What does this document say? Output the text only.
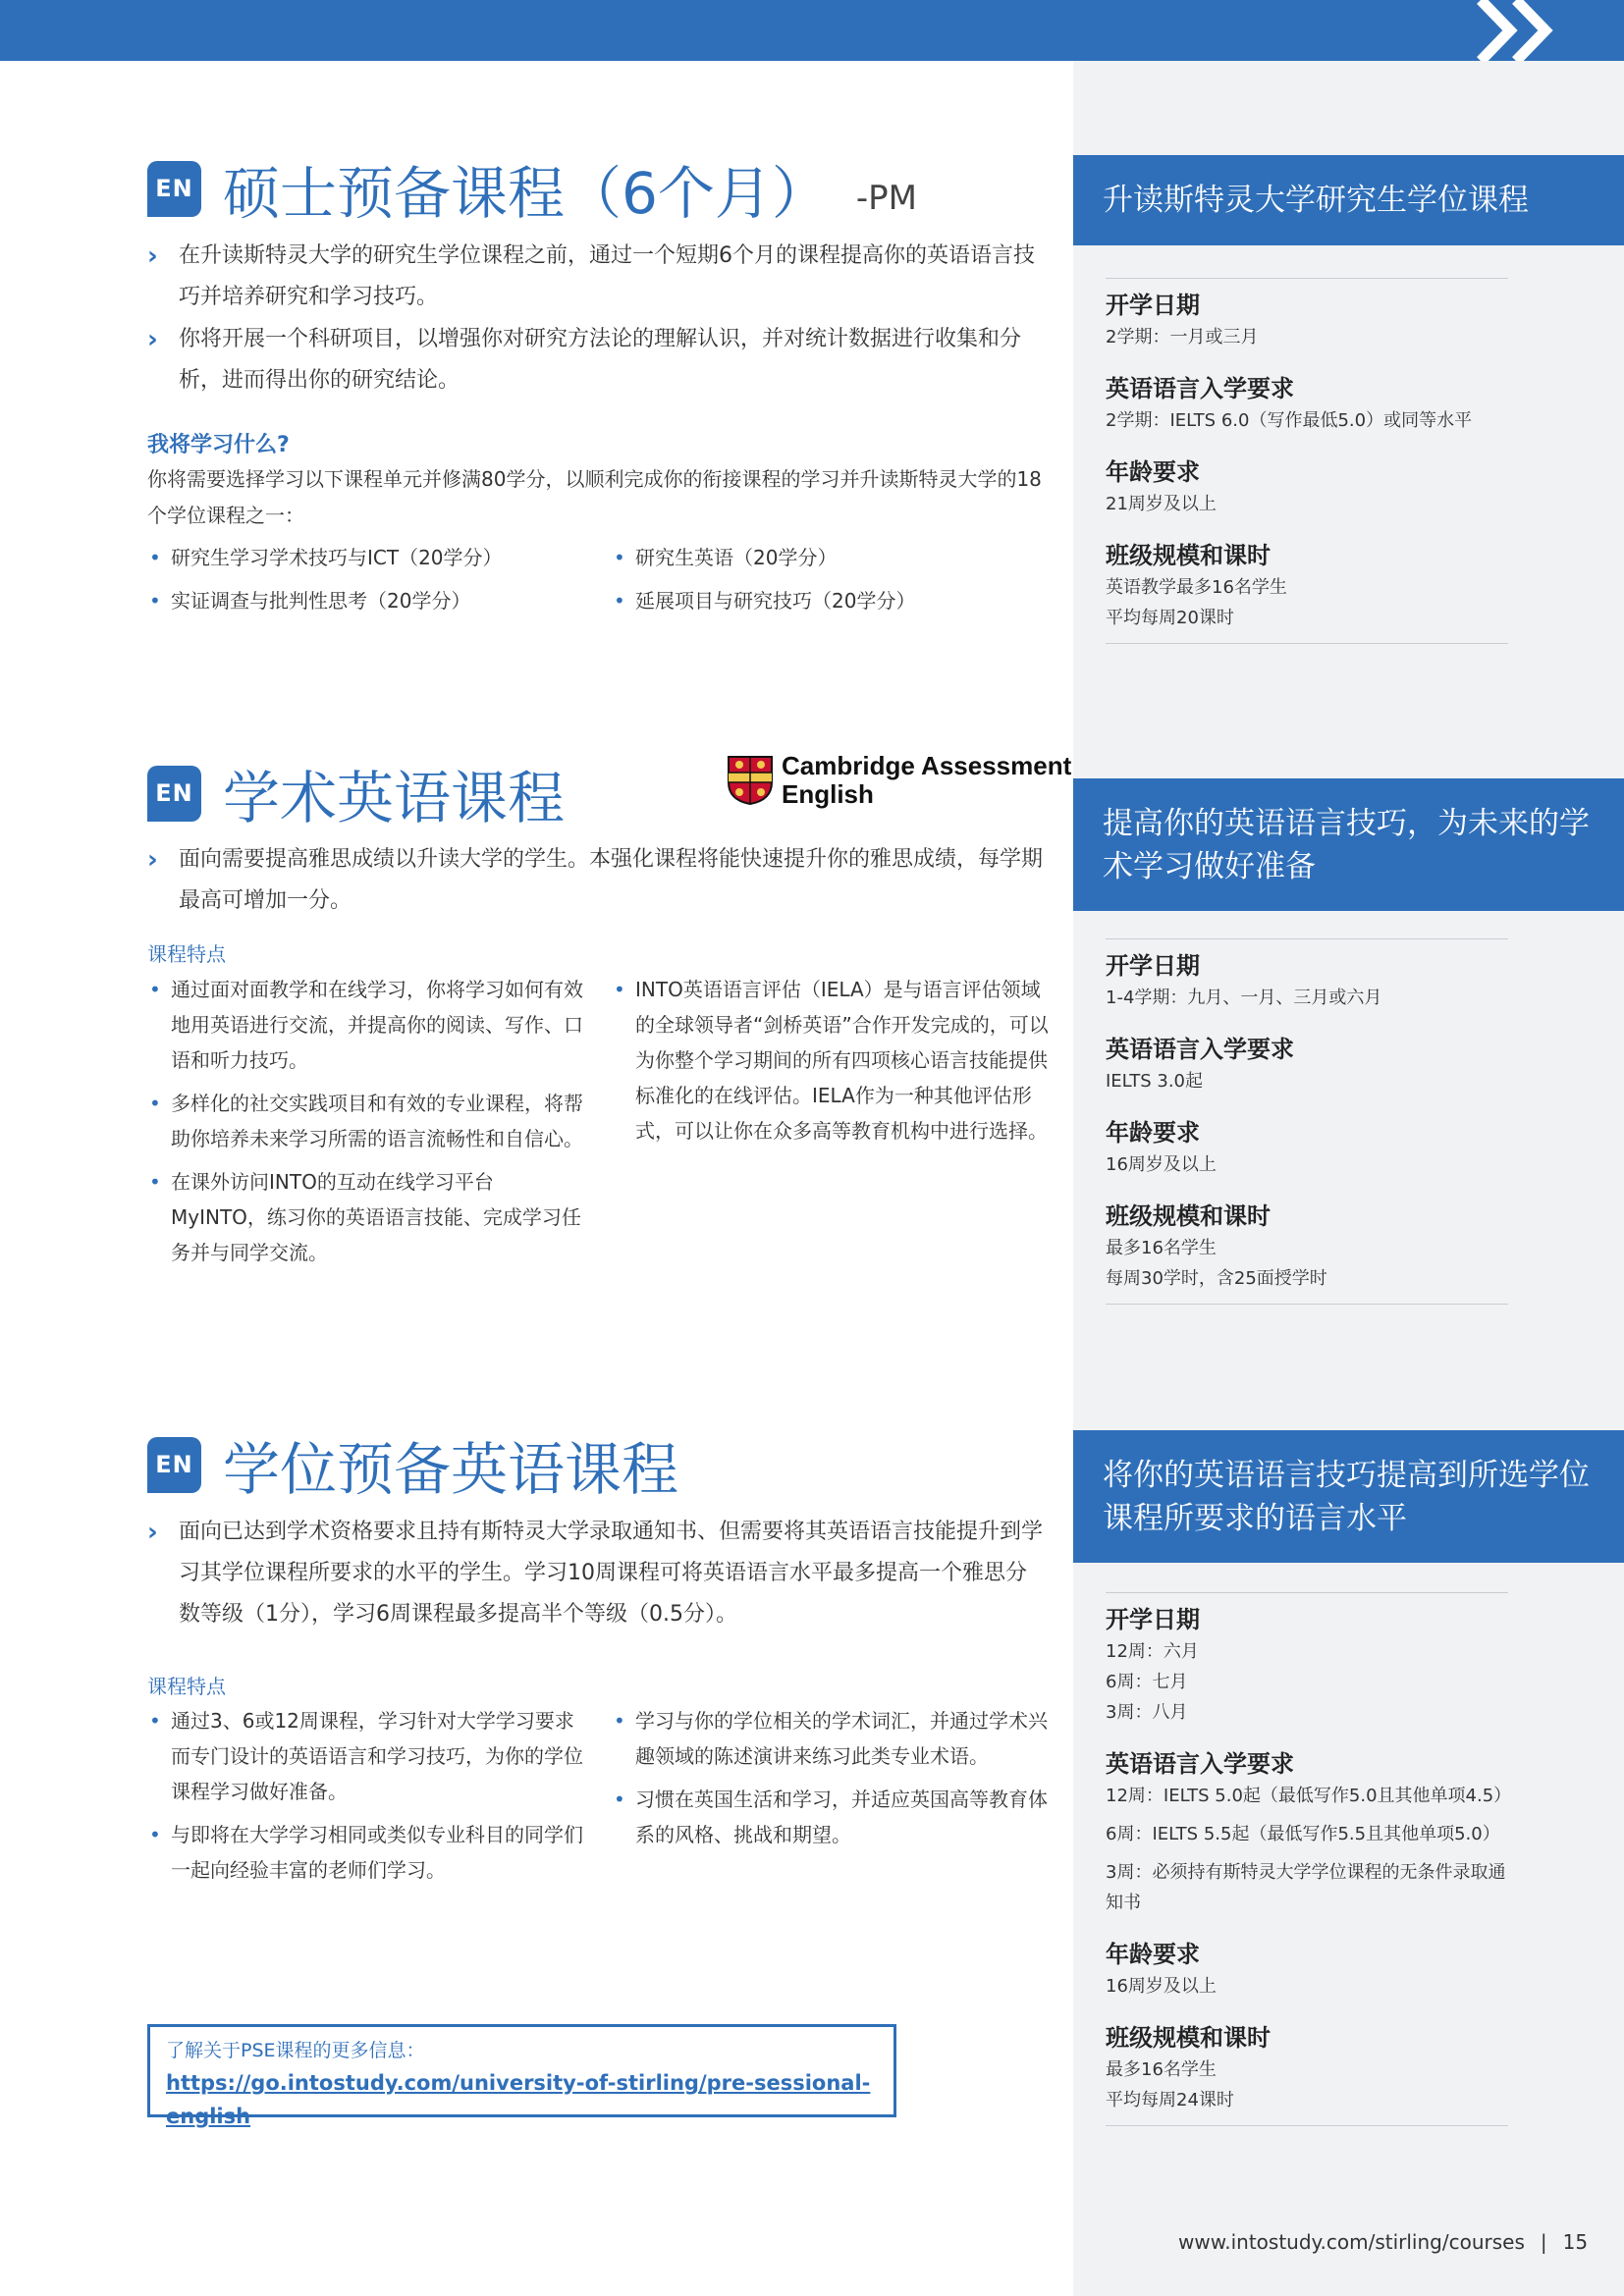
EN 硕士预备课程（6个月） -PM
› 在升读斯特灵大学的研究生学位课程之前，通过一个短期6个月的课程提高你的英语语言技巧并培养研究和学习技巧。
› 你将开展一个科研项目，以增强你对研究方法论的理解认识，并对统计数据进行收集和分析，进而得出你的研究结论。
我将学习什么?
你将需要选择学习以下课程单元并修满80学分，以顺利完成你的衔接课程的学习并升读斯特灵大学的18个学位课程之一：
• 研究生学习学术技巧与ICT（20学分）
• 实证调查与批判性思考（20学分）
• 研究生英语（20学分）
• 延展项目与研究技巧（20学分）
EN 学术英语课程	Cambridge Assessment
English
› 面向需要提高雅思成绩以升读大学的学生。本强化课程将能快速提升你的雅思成绩，每学期最高可增加一分。
课程特点
• 通过面对面教学和在线学习，你将学习如何有效地用英语进行交流，并提高你的阅读、写作、口语和听力技巧。
• 多样化的社交实践项目和有效的专业课程，将帮助你培养未来学习所需的语言流畅性和自信心。
• 在课外访问INTO的互动在线学习平台MyINTO，练习你的英语语言技能、完成学习任务并与同学交流。
• INTO英语语言评估（IELA）是与语言评估领域的全球领导者“剑桥英语”合作开发完成的，可以为你整个学习期间的所有四项核心语言技能提供标准化的在线评估。IELA作为一种其他评估形式，可以让你在众多高等教育机构中进行选择。
EN 学位预备英语课程
› 面向已达到学术资格要求且持有斯特灵大学录取通知书、但需要将其英语语言技能提升到学习其学位课程所要求的水平的学生。学习10周课程可将英语语言水平最多提高一个雅思分数等级（1分），学习6周课程最多提高半个等级（0.5分）。
课程特点
• 通过3、6或12周课程，学习针对大学学习要求而专门设计的英语语言和学习技巧，为你的学位课程学习做好准备。
• 与即将在大学学习相同或类似专业科目的同学们一起向经验丰富的老师们学习。
• 学习与你的学位相关的学术词汇，并通过学术兴趣领域的陈述演讲来练习此类专业术语。
• 习惯在英国生活和学习，并适应英国高等教育体系的风格、挑战和期望。
了解关于PSE课程的更多信息：
https://go.intostudy.com/university-of-stirling/pre-sessional-english
升读斯特灵大学研究生学位课程
开学日期
2学期：一月或三月
英语语言入学要求
2学期：IELTS 6.0（写作最低5.0）或同等水平
年龄要求
21周岁及以上
班级规模和课时
英语教学最多16名学生
平均每周20课时
提高你的英语语言技巧，为未来的学术学习做好准备
开学日期
1-4学期：九月、一月、三月或六月
英语语言入学要求
IELTS 3.0起
年龄要求
16周岁及以上
班级规模和课时
最多16名学生
每周30学时，含25面授学时
将你的英语语言技巧提高到所选学位课程所要求的语言水平
开学日期
12周：六月
6周：七月
3周：八月
英语语言入学要求
12周：IELTS 5.0起（最低写作5.0且其他单项4.5）
6周：IELTS 5.5起（最低写作5.5且其他单项5.0）
3周：必须持有斯特灵大学学位课程的无条件录取通知书
年龄要求
16周岁及以上
班级规模和课时
最多16名学生
平均每周24课时
www.intostudy.com/stirling/courses | 15
